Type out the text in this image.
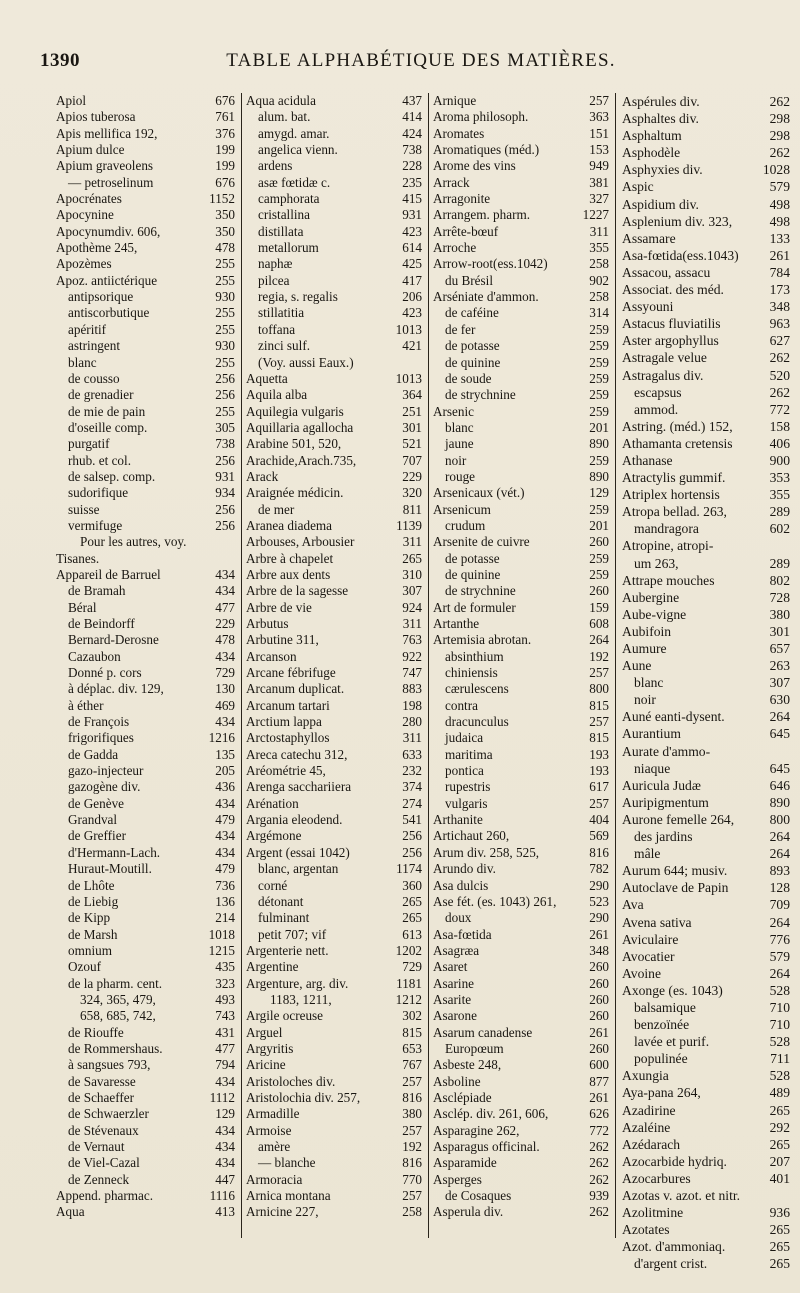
1390	TABLE ALPHABÉTIQUE DES MATIÈRES.
Apiol	676
Apios tuberosa	761
Apis mellifica 192,	376
Apium dulce	199
Apium graveolens	199
— petroselinum	676
Apocrénates	1152
Apocynine	350
Apocynumdiv. 606,	350
Apothème 245,	478
Apozèmes	255
Apoz. antiictérique	255
antipsorique	930
antiscorbutique	255
apéritif	255
astringent	930
blanc	255
de cousso	256
de grenadier	256
de mie de pain	255
d'oseille comp.	305
purgatif	738
rhub. et col.	256
de salsep. comp.	931
sudorifique	934
suisse	256
vermifuge	256
Pour les autres, voy.
Tisanes.
Appareil de Barruel	434
de Bramah	434
Béral	477
de Beindorff	229
Bernard-Derosne	478
Cazaubon	434
Donné p. cors	729
à déplac. div. 129,	130
à éther	469
de François	434
frigorifiques	1216
de Gadda	135
gazo-injecteur	205
gazogène div.	436
de Genève	434
Grandval	479
de Greffier	434
d'Hermann-Lach.	434
Huraut-Moutill.	479
de Lhôte	736
de Liebig	136
de Kipp	214
de Marsh	1018
omnium	1215
Ozouf	435
de la pharm. cent.	323
324, 365, 479,	493
658, 685, 742,	743
de Riouffe	431
de Rommershaus.	477
à sangsues 793,	794
de Savaresse	434
de Schaeffer	1112
de Schwaerzler	129
de Stévenaux	434
de Vernaut	434
de Viel-Cazal	434
de Zenneck	447
Append. pharmac.	1116
Aqua	413
Aqua acidula	437
alum. bat.	414
amygd. amar.	424
angelica vienn.	738
ardens	228
asæ fœtidæ c.	235
camphorata	415
cristallina	931
distillata	423
metallorum	614
naphæ	425
pilcea	417
regia, s. regalis	206
stillatitia	423
toffana	1013
zinci sulf.	421
(Voy. aussi Eaux.)
Aquetta	1013
Aquila alba	364
Aquilegia vulgaris	251
Aquillaria agallocha	301
Arabine 501, 520,	521
Arachide,Arach.735,	707
Arack	229
Araignée médicin.	320
de mer	811
Aranea diadema	1139
Arbouses, Arbousier	311
Arbre à chapelet	265
Arbre aux dents	310
Arbre de la sagesse	307
Arbre de vie	924
Arbutus	311
Arbutine 311,	763
Arcanson	922
Arcane fébrifuge	747
Arcanum duplicat.	883
Arcanum tartari	198
Arctium lappa	280
Arctostaphyllos	311
Areca catechu 312,	633
Aréométrie 45,	232
Arenga sacchariiera	374
Arénation	274
Argania eleodend.	541
Argémone	256
Argent (essai 1042)	256
blanc, argentan	1174
corné	360
détonant	265
fulminant	265
petit 707; vif	613
Argenterie nett.	1202
Argentine	729
Argenture, arg. div.	1181
1183, 1211,	1212
Argile ocreuse	302
Arguel	815
Argyritis	653
Aricine	767
Aristoloches div.	257
Aristolochia div. 257,	816
Armadille	380
Armoise	257
amère	192
— blanche	816
Armoracia	770
Arnica montana	257
Arnicine 227,	258
Arnique	257
Aroma philosoph.	363
Aromates	151
Aromatiques (méd.)	153
Arome des vins	949
Arrack	381
Arragonite	327
Arrangem. pharm.	1227
Arrête-bœuf	311
Arroche	355
Arrow-root(ess.1042)	258
du Brésil	902
Arséniate d'ammon.	258
de caféine	314
de fer	259
de potasse	259
de quinine	259
de soude	259
de strychnine	259
Arsenic	259
blanc	201
jaune	890
noir	259
rouge	890
Arsenicaux (vét.)	129
Arsenicum	259
crudum	201
Arsenite de cuivre	260
de potasse	259
de quinine	259
de strychnine	260
Art de formuler	159
Artanthe	608
Artemisia abrotan.	264
absinthium	192
chiniensis	257
cærulescens	800
contra	815
dracunculus	257
judaica	815
maritima	193
pontica	193
rupestris	617
vulgaris	257
Arthanite	404
Artichaut 260,	569
Arum div. 258, 525,	816
Arundo div.	782
Asa dulcis	290
Ase fét. (es. 1043) 261,	523
doux	290
Asa-fœtida	261
Asagræa	348
Asaret	260
Asarine	260
Asarite	260
Asarone	260
Asarum canadense	261
Europœum	260
Asbeste 248,	600
Asboline	877
Asclépiade	261
Asclép. div. 261, 606,	626
Asparagine 262,	772
Asparagus officinal.	262
Asparamide	262
Asperges	262
de Cosaques	939
Asperula div.	262
Aspérules div.	262
Asphaltes div.	298
Asphaltum	298
Asphodèle	262
Asphyxies div.	1028
Aspic	579
Aspidium div.	498
Asplenium div. 323,	498
Assamare	133
Asa-fœtida(ess.1043) 261
Assacou, assacu	784
Associat. des méd.	173
Assyouni	348
Astacus fluviatilis	963
Aster argophyllus	627
Astragale velue	262
Astragalus div.	520
escapsus	262
ammod.	772
Astring. (méd.) 152,	158
Athamanta cretensis	406
Athanase	900
Atractylis gummif.	353
Atriplex hortensis	355
Atropa bellad. 263,	289
mandragora	602
Atropine, atropi-
um 263,	289
Attrape mouches	802
Aubergine	728
Aube-vigne	380
Aubifoin	301
Aumure	657
Aune	263
blanc	307
noir	630
Auné eanti-dysent.	264
Aurantium	645
Aurate d'ammo-
niaque	645
Auricula Judæ	646
Auripigmentum	890
Aurone femelle 264,	800
des jardins	264
mâle	264
Aurum 644; musiv.	893
Autoclave de Papin	128
Ava	709
Avena sativa	264
Aviculaire	776
Avocatier	579
Avoine	264
Axonge (es. 1043)	528
balsamique	710
benzoïnée	710
lavée et purif.	528
populinée	711
Axungia	528
Aya-pana 264,	489
Azadirine	265
Azaléine	292
Azédarach	265
Azocarbide hydriq.	207
Azocarbures	401
Azotas v. azot. et nitr.
Azolitmine	936
Azotates	265
Azot. d'ammoniaq.	265
d'argent crist.	265
